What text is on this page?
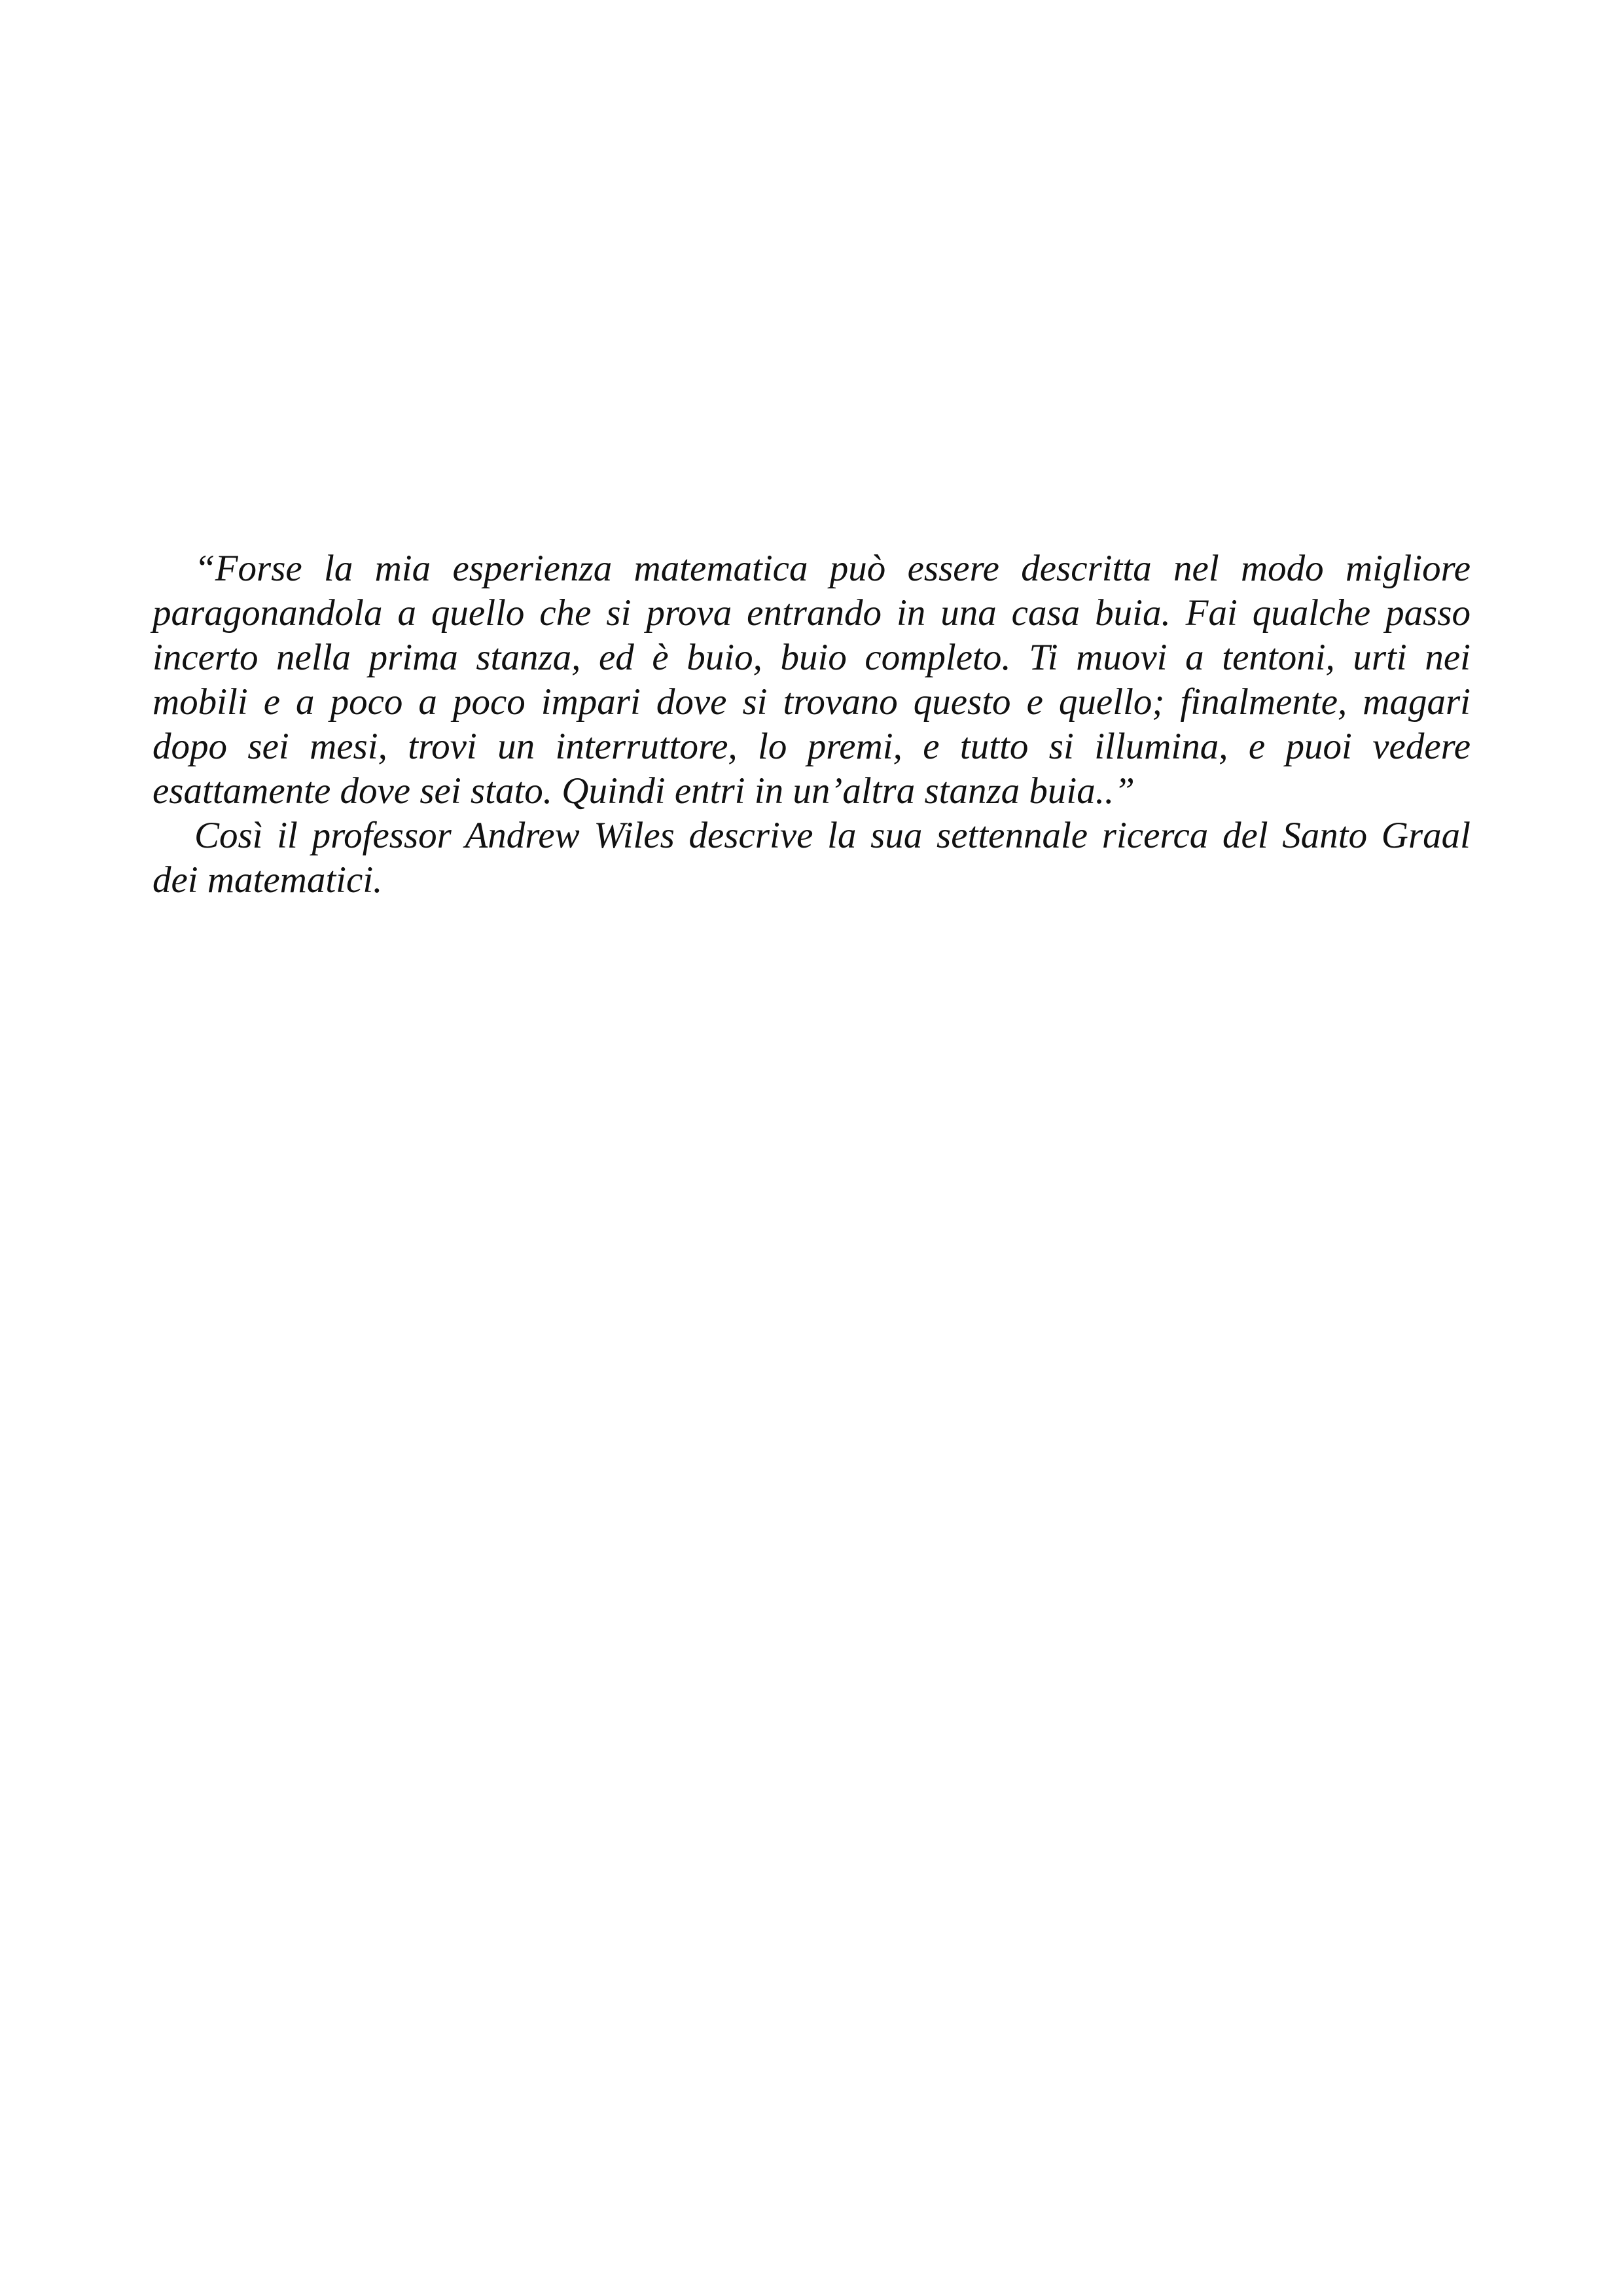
“Forse la mia esperienza matematica può essere descritta nel modo migliore
paragonandola a quello che si prova entrando in una casa buia. Fai qualche passo
incerto nella prima stanza, ed è buio, buio completo. Ti muovi a tentoni, urti nei
mobili e a poco a poco impari dove si trovano questo e quello; finalmente, magari
dopo sei mesi, trovi un interruttore, lo premi, e tutto si illumina, e puoi vedere
esattamente dove sei stato. Quindi entri in un’altra stanza buia..”
Così il professor Andrew Wiles descrive la sua settennale ricerca del Santo Graal
dei matematici.
